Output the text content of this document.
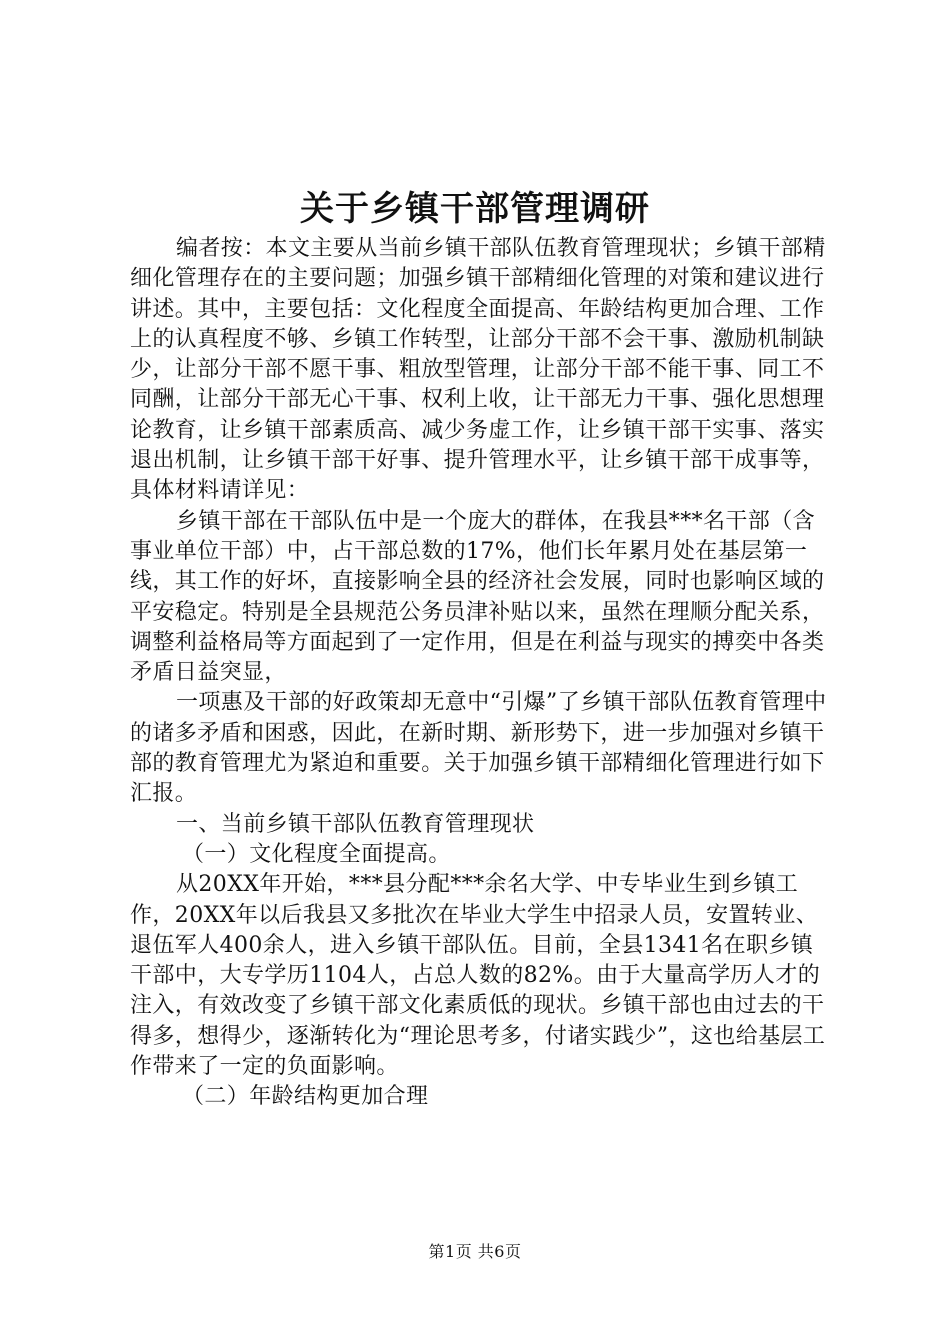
关于乡镇干部管理调研

编者按：本文主要从当前乡镇干部队伍教育管理现状；乡镇干部精细化管理存在的主要问题；加强乡镇干部精细化管理的对策和建议进行讲述。其中，主要包括：文化程度全面提高、年龄结构更加合理、工作上的认真程度不够、乡镇工作转型，让部分干部不会干事、激励机制缺少，让部分干部不愿干事、粗放型管理，让部分干部不能干事、同工不同酬，让部分干部无心干事、权利上收，让干部无力干事、强化思想理论教育，让乡镇干部素质高、减少务虚工作，让乡镇干部干实事、落实退出机制，让乡镇干部干好事、提升管理水平，让乡镇干部干成事等，具体材料请详见：

乡镇干部在干部队伍中是一个庞大的群体，在我县***名干部（含事业单位干部）中，占干部总数的17%，他们长年累月处在基层第一线，其工作的好坏，直接影响全县的经济社会发展，同时也影响区域的平安稳定。特别是全县规范公务员津补贴以来，虽然在理顺分配关系，调整利益格局等方面起到了一定作用，但是在利益与现实的搏奕中各类矛盾日益突显，

一项惠及干部的好政策却无意中“引爆”了乡镇干部队伍教育管理中的诸多矛盾和困惑，因此，在新时期、新形势下，进一步加强对乡镇干部的教育管理尤为紧迫和重要。关于加强乡镇干部精细化管理进行如下汇报。

一、当前乡镇干部队伍教育管理现状

（一）文化程度全面提高。

从20XX年开始，***县分配***余名大学、中专毕业生到乡镇工作，20XX年以后我县又多批次在毕业大学生中招录人员，安置转业、退伍军人400余人，进入乡镇干部队伍。目前，全县1341名在职乡镇干部中，大专学历1104人，占总人数的82%。由于大量高学历人才的注入，有效改变了乡镇干部文化素质低的现状。乡镇干部也由过去的干得多，想得少，逐渐转化为“理论思考多，付诸实践少”，这也给基层工作带来了一定的负面影响。

（二）年龄结构更加合理

第1页 共6页
